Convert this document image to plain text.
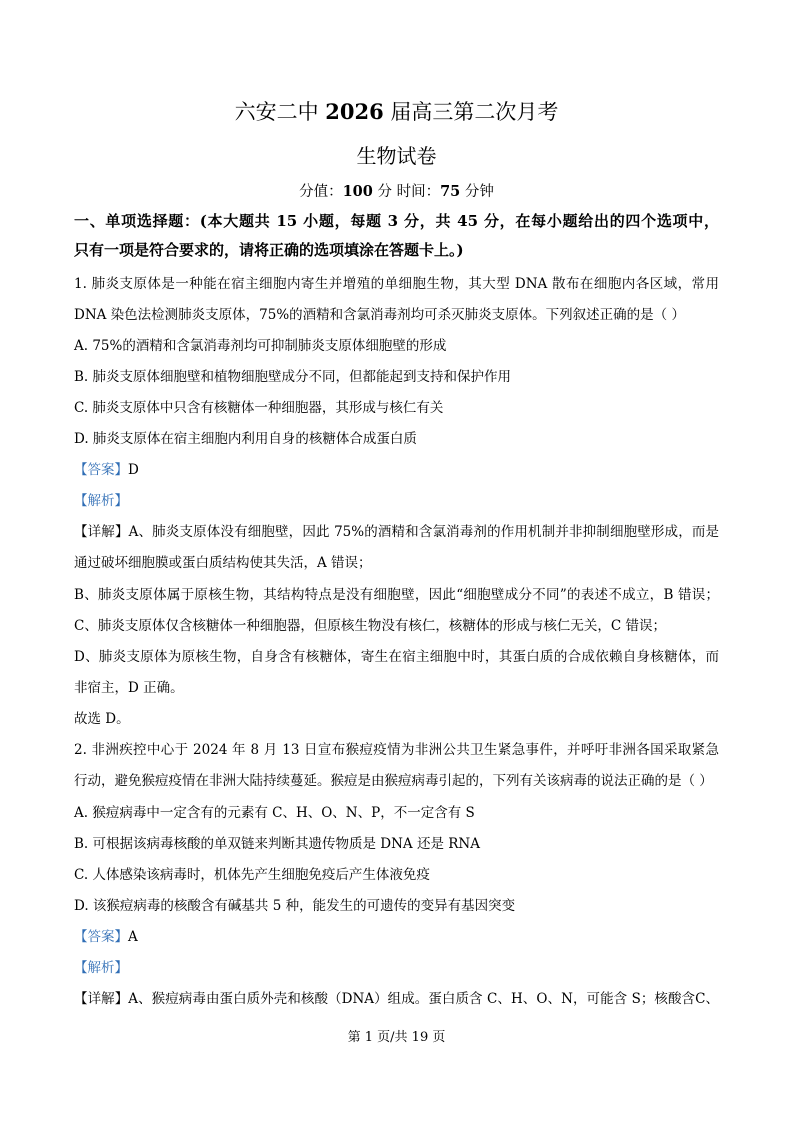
六安二中 2026 届高三第二次月考
生物试卷
分值：100 分 时间：75 分钟
一、单项选择题：(本大题共 15 小题，每题 3 分，共 45 分，在每小题给出的四个选项中，
只有一项是符合要求的，请将正确的选项填涂在答题卡上。)
1. 肺炎支原体是一种能在宿主细胞内寄生并增殖的单细胞生物，其大型 DNA 散布在细胞内各区域，常用
DNA 染色法检测肺炎支原体，75%的酒精和含氯消毒剂均可杀灭肺炎支原体。下列叙述正确的是（ ）
A. 75%的酒精和含氯消毒剂均可抑制肺炎支原体细胞壁的形成
B. 肺炎支原体细胞壁和植物细胞壁成分不同，但都能起到支持和保护作用
C. 肺炎支原体中只含有核糖体一种细胞器，其形成与核仁有关
D. 肺炎支原体在宿主细胞内利用自身的核糖体合成蛋白质
【答案】D
【解析】
【详解】A、肺炎支原体没有细胞壁，因此 75%的酒精和含氯消毒剂的作用机制并非抑制细胞壁形成，而是
通过破坏细胞膜或蛋白质结构使其失活，A 错误；
B、肺炎支原体属于原核生物，其结构特点是没有细胞壁，因此“细胞壁成分不同”的表述不成立，B 错误；
C、肺炎支原体仅含核糖体一种细胞器，但原核生物没有核仁，核糖体的形成与核仁无关，C 错误；
D、肺炎支原体为原核生物，自身含有核糖体，寄生在宿主细胞中时，其蛋白质的合成依赖自身核糖体，而
非宿主，D 正确。
故选 D。
2. 非洲疾控中心于 2024 年 8 月 13 日宣布猴痘疫情为非洲公共卫生紧急事件，并呼吁非洲各国采取紧急
行动，避免猴痘疫情在非洲大陆持续蔓延。猴痘是由猴痘病毒引起的，下列有关该病毒的说法正确的是（ ）
A. 猴痘病毒中一定含有的元素有 C、H、O、N、P，不一定含有 S
B. 可根据该病毒核酸的单双链来判断其遗传物质是 DNA 还是 RNA
C. 人体感染该病毒时，机体先产生细胞免疫后产生体液免疫
D. 该猴痘病毒的核酸含有碱基共 5 种，能发生的可遗传的变异有基因突变
【答案】A
【解析】
【详解】A、猴痘病毒由蛋白质外壳和核酸（DNA）组成。蛋白质含 C、H、O、N，可能含 S；核酸含C、
第 1 页/共 19 页
